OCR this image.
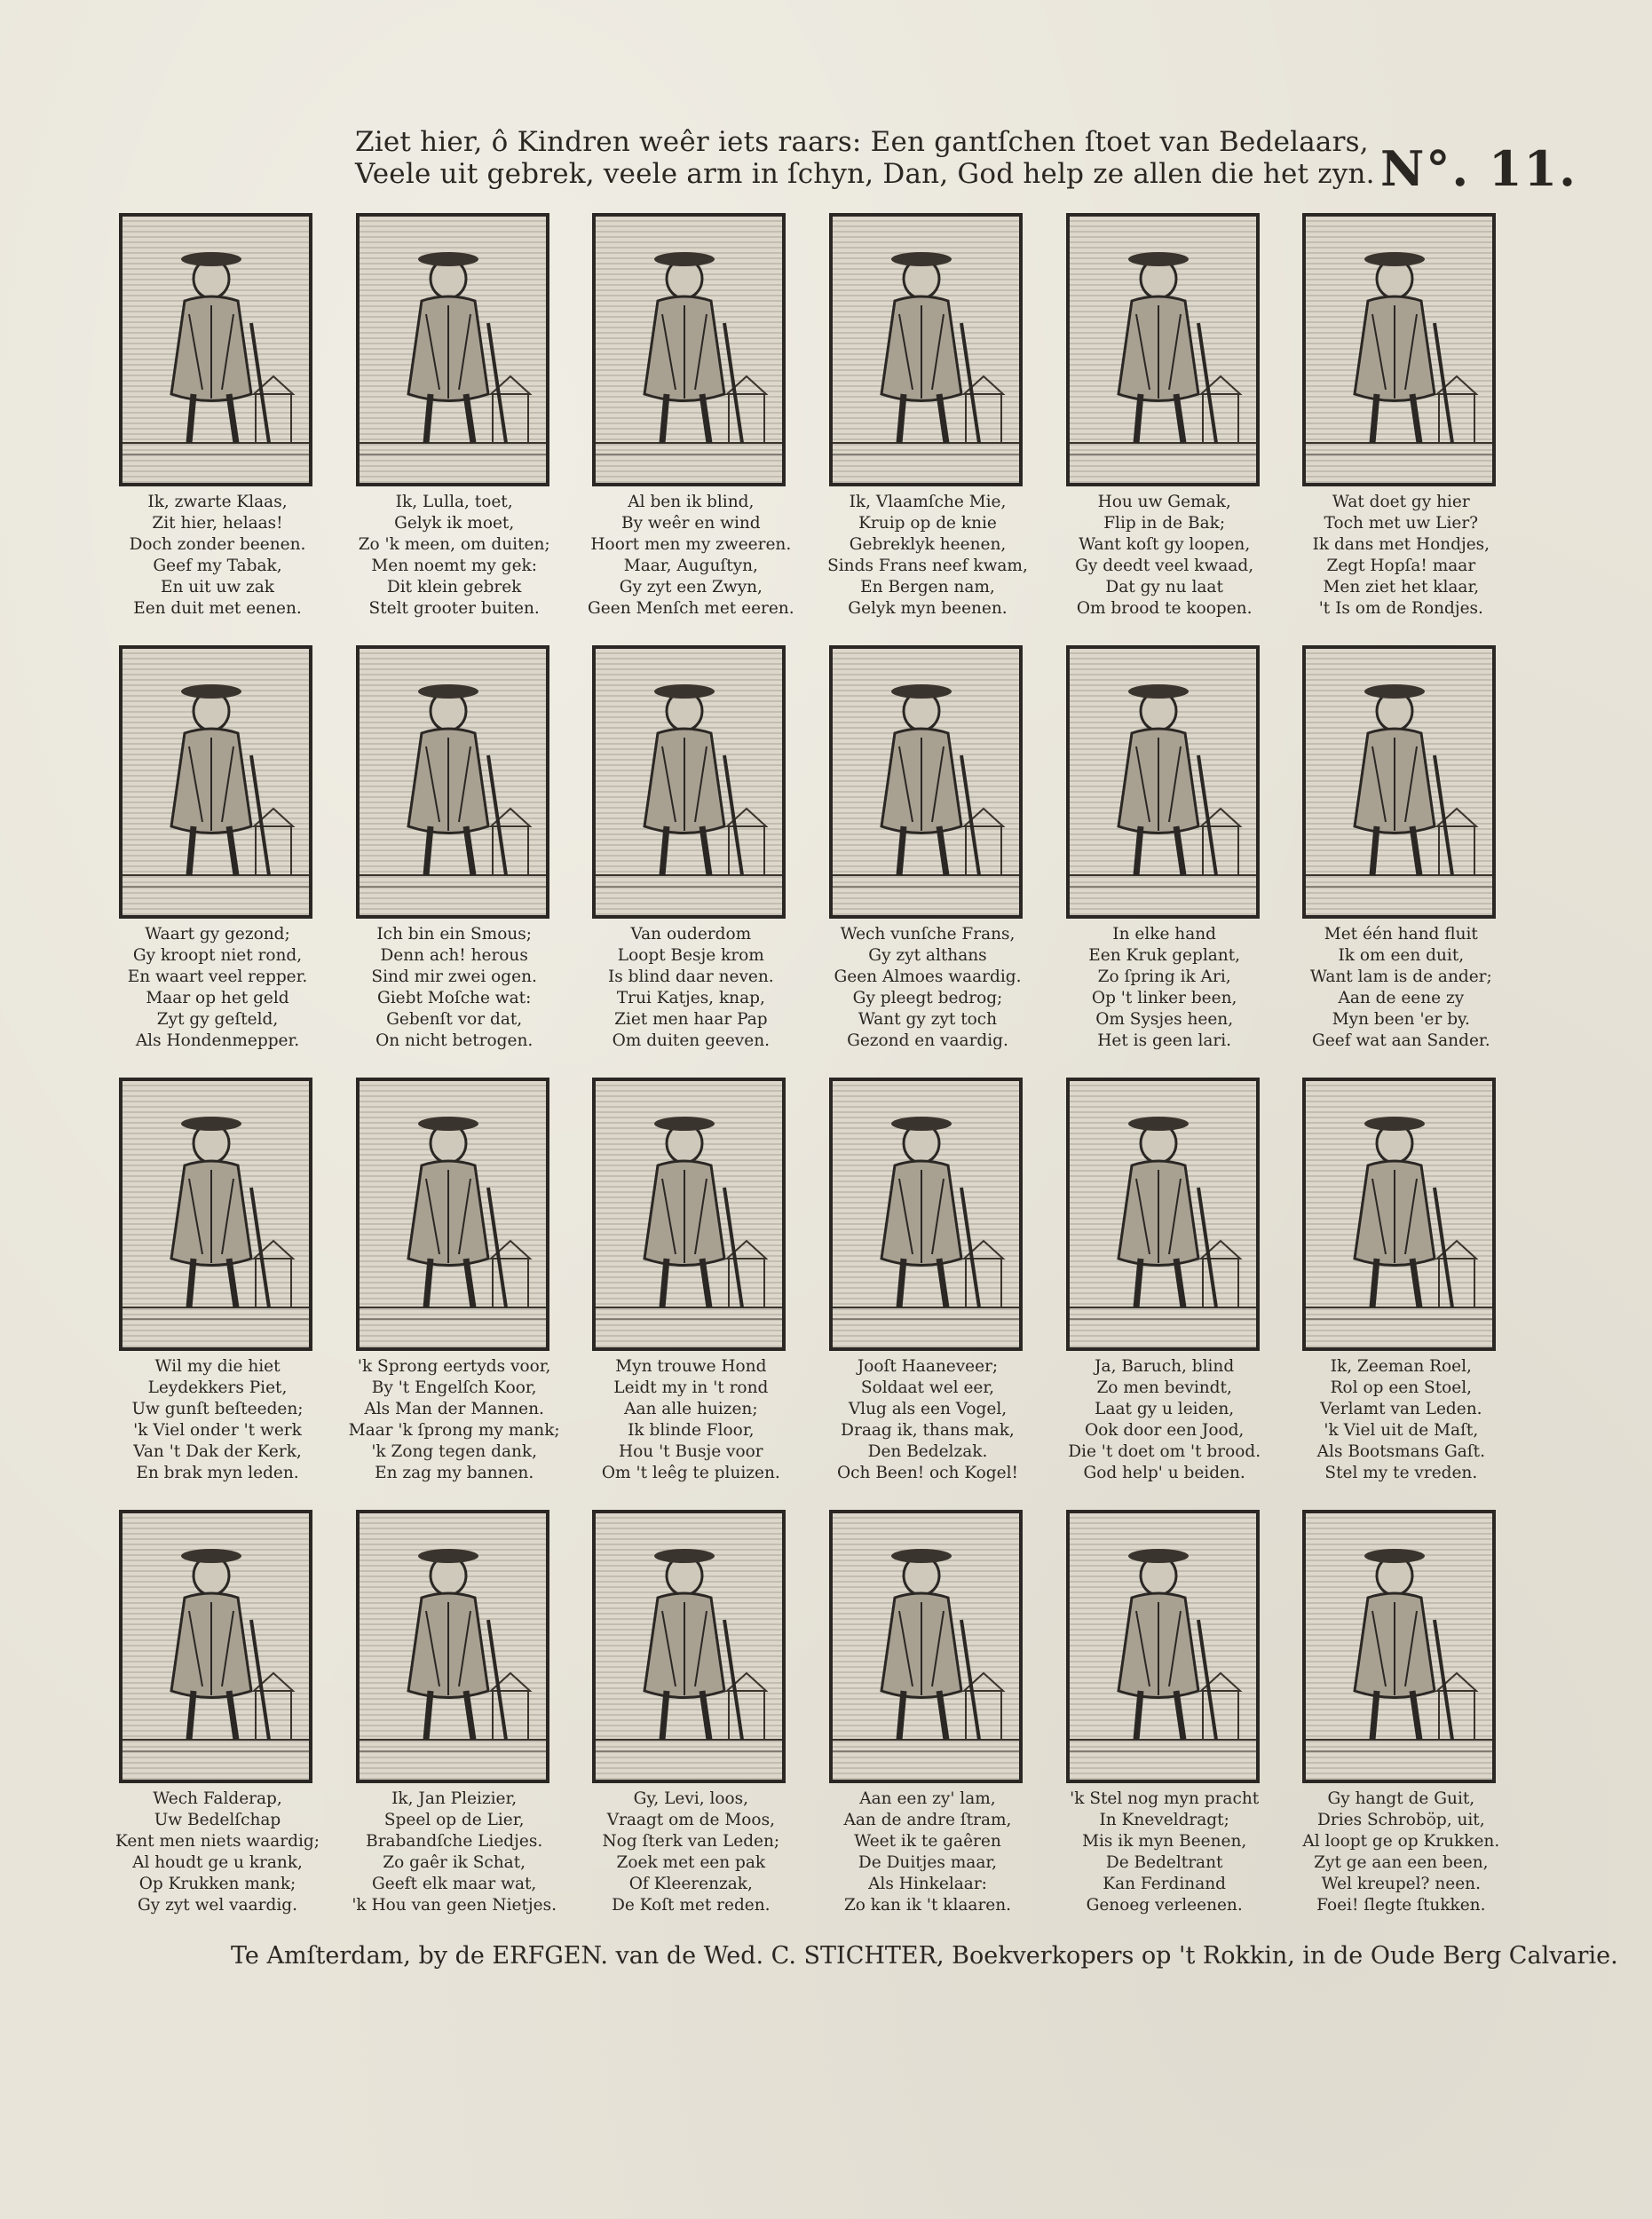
Ziet hier, ô Kindren weêr iets raars: Een gantſchen ſtoet van Bedelaars,
Veele uit gebrek, veele arm in ſchyn, Dan, God help ze allen die het zyn. N°. 11.
Ik, zwarte Klaas,
Zit hier, helaas!
Doch zonder beenen.
Geef my Tabak,
En uit uw zak
Een duit met eenen.
Ik, Lulla, toet,
Gelyk ik moet,
Zo 'k meen, om duiten;
Men noemt my gek:
Dit klein gebrek
Stelt grooter buiten.
Al ben ik blind,
By weêr en wind
Hoort men my zweeren.
Maar, Auguſtyn,
Gy zyt een Zwyn,
Geen Menſch met eeren.
Ik, Vlaamſche Mie,
Kruip op de knie
Gebreklyk heenen,
Sinds Frans neef kwam,
En Bergen nam,
Gelyk myn beenen.
Hou uw Gemak,
Flip in de Bak;
Want koſt gy loopen,
Gy deedt veel kwaad,
Dat gy nu laat
Om brood te koopen.
Wat doet gy hier
Toch met uw Lier?
Ik dans met Hondjes,
Zegt Hopſa! maar
Men ziet het klaar,
't Is om de Rondjes.
Waart gy gezond;
Gy kroopt niet rond,
En waart veel repper.
Maar op het geld
Zyt gy geſteld,
Als Hondenmepper.
Ich bin ein Smous;
Denn ach! herous
Sind mir zwei ogen.
Giebt Moſche wat:
Gebenſt vor dat,
On nicht betrogen.
Van ouderdom
Loopt Besje krom
Is blind daar neven.
Trui Katjes, knap,
Ziet men haar Pap
Om duiten geeven.
Wech vunſche Frans,
Gy zyt althans
Geen Almoes waardig.
Gy pleegt bedrog;
Want gy zyt toch
Gezond en vaardig.
In elke hand
Een Kruk geplant,
Zo ſpring ik Ari,
Op 't linker been,
Om Sysjes heen,
Het is geen lari.
Met één hand fluit
Ik om een duit,
Want lam is de ander;
Aan de eene zy
Myn been 'er by.
Geef wat aan Sander.
Wil my die hiet
Leydekkers Piet,
Uw gunſt beſteeden;
'k Viel onder 't werk
Van 't Dak der Kerk,
En brak myn leden.
'k Sprong eertyds voor,
By 't Engelſch Koor,
Als Man der Mannen.
Maar 'k ſprong my mank;
'k Zong tegen dank,
En zag my bannen.
Myn trouwe Hond
Leidt my in 't rond
Aan alle huizen;
Ik blinde Floor,
Hou 't Busje voor
Om 't leêg te pluizen.
Jooſt Haaneveer;
Soldaat wel eer,
Vlug als een Vogel,
Draag ik, thans mak,
Den Bedelzak.
Och Been! och Kogel!
Ja, Baruch, blind
Zo men bevindt,
Laat gy u leiden,
Ook door een Jood,
Die 't doet om 't brood.
God help' u beiden.
Ik, Zeeman Roel,
Rol op een Stoel,
Verlamt van Leden.
'k Viel uit de Maſt,
Als Bootsmans Gaſt.
Stel my te vreden.
Wech Falderap,
Uw Bedelſchap
Kent men niets waardig;
Al houdt ge u krank,
Op Krukken mank;
Gy zyt wel vaardig.
Ik, Jan Pleizier,
Speel op de Lier,
Brabandſche Liedjes.
Zo gaêr ik Schat,
Geeft elk maar wat,
'k Hou van geen Nietjes.
Gy, Levi, loos,
Vraagt om de Moos,
Nog ſterk van Leden;
Zoek met een pak
Of Kleerenzak,
De Koſt met reden.
Aan een zy' lam,
Aan de andre ſtram,
Weet ik te gaêren
De Duitjes maar,
Als Hinkelaar:
Zo kan ik 't klaaren.
'k Stel nog myn pracht
In Kneveldragt;
Mis ik myn Beenen,
De Bedeltrant
Kan Ferdinand
Genoeg verleenen.
Gy hangt de Guit,
Dries Schroböp, uit,
Al loopt ge op Krukken.
Zyt ge aan een been,
Wel kreupel? neen.
Foei! ſlegte ſtukken.
Te Amſterdam, by de ERFGEN. van de Wed. C. STICHTER, Boekverkopers op 't Rokkin, in de Oude Berg Calvarie.
